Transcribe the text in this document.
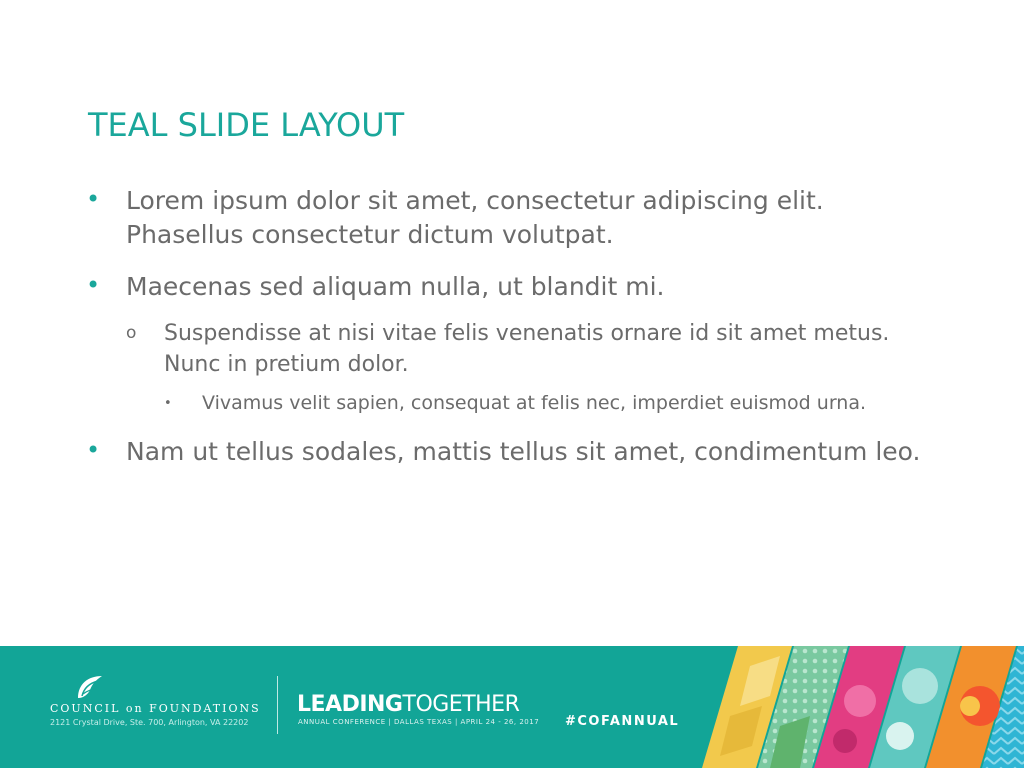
TEAL SLIDE LAYOUT
• Lorem ipsum dolor sit amet, consectetur adipiscing elit. Phasellus consectetur dictum volutpat.
• Maecenas sed aliquam nulla, ut blandit mi.
o Suspendisse at nisi vitae felis venenatis ornare id sit amet metus. Nunc in pretium dolor.
• Vivamus velit sapien, consequat at felis nec, imperdiet euismod urna.
• Nam ut tellus sodales, mattis tellus sit amet, condimentum leo.
COUNCIL on FOUNDATIONS
2121 Crystal Drive, Ste. 700, Arlington, VA 22202
LEADINGTOGETHER
ANNUAL CONFERENCE | DALLAS TEXAS | APRIL 24 - 26, 2017 #COFANNUAL
